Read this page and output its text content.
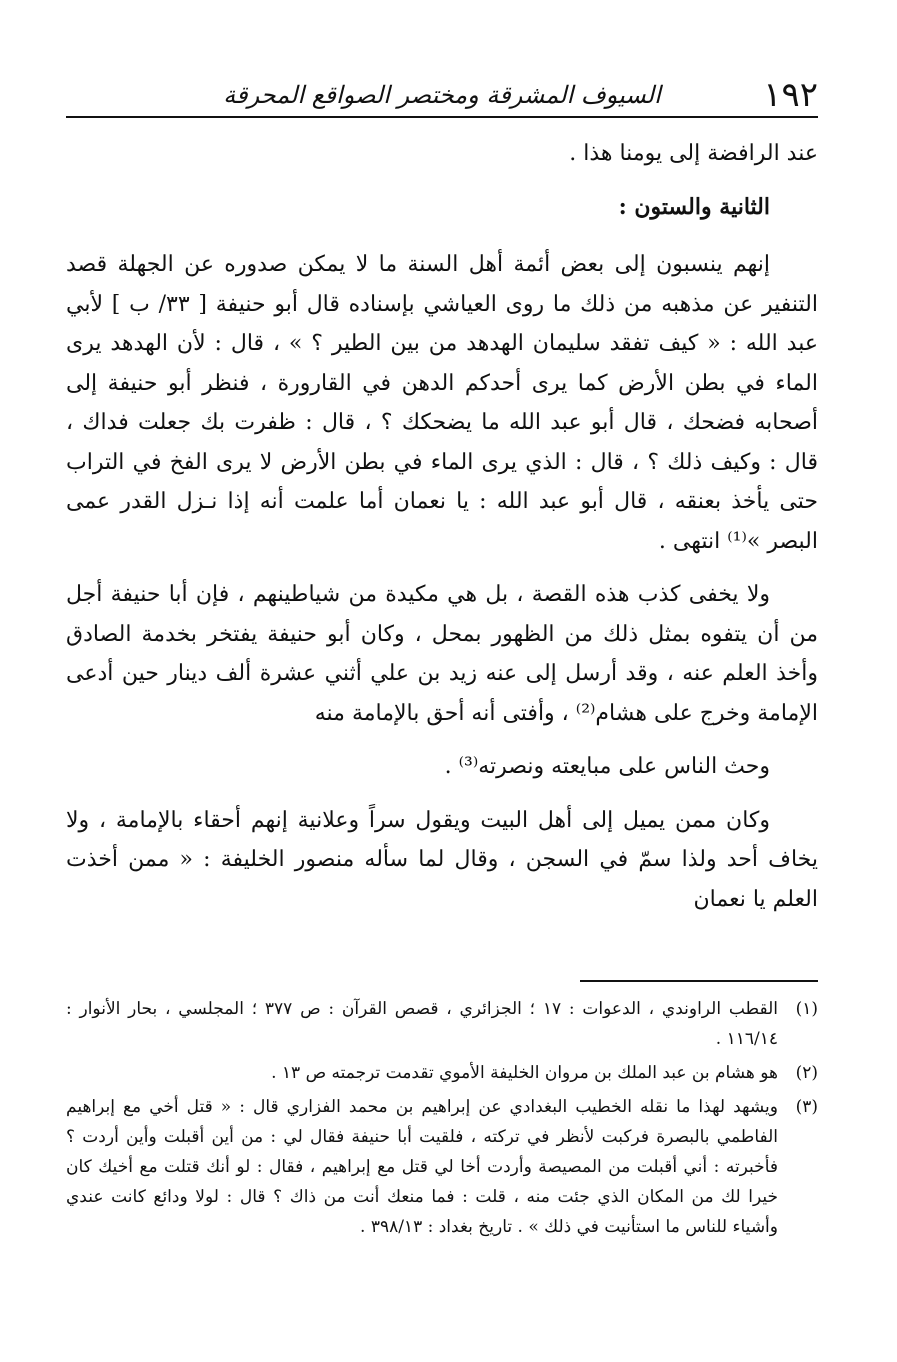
١٩٢
السيوف المشرقة ومختصر الصواقع المحرقة

عند الرافضة إلى يومنا هذا .

الثانية والستون :

إنهم ينسبون إلى بعض أئمة أهل السنة ما لا يمكن صدوره عن الجهلة قصد التنفير عن مذهبه من ذلك ما روى العياشي بإسناده قال أبو حنيفة [ ٣٣/ ب ] لأبي عبد الله : « كيف تفقد سليمان الهدهد من بين الطير ؟ » ، قال : لأن الهدهد يرى الماء في بطن الأرض كما يرى أحدكم الدهن في القارورة ، فنظر أبو حنيفة إلى أصحابه فضحك ، قال أبو عبد الله ما يضحكك ؟ ، قال : ظفرت بك جعلت فداك ، قال : وكيف ذلك ؟ ، قال : الذي يرى الماء في بطن الأرض لا يرى الفخ في التراب حتى يأخذ بعنقه ، قال أبو عبد الله : يا نعمان أما علمت أنه إذا نـزل القدر عمى البصر »⁽¹⁾ انتهى .

ولا يخفى كذب هذه القصة ، بل هي مكيدة من شياطينهم ، فإن أبا حنيفة أجل من أن يتفوه بمثل ذلك من الظهور بمحل ، وكان أبو حنيفة يفتخر بخدمة الصادق وأخذ العلم عنه ، وقد أرسل إلى عنه زيد بن علي أثني عشرة ألف دينار حين أدعى الإمامة وخرج على هشام⁽²⁾ ، وأفتى أنه أحق بالإمامة منه

وحث الناس على مبايعته ونصرته⁽³⁾ .

وكان ممن يميل إلى أهل البيت ويقول سراً وعلانية إنهم أحقاء بالإمامة ، ولا يخاف أحد ولذا سمّ في السجن ، وقال لما سأله منصور الخليفة : « ممن أخذت العلم يا نعمان

(١)
القطب الراوندي ، الدعوات : ١٧ ؛ الجزائري ، قصص القرآن : ص ٣٧٧ ؛ المجلسي ، بحار الأنوار : ١١٦/١٤ .
(٢)
هو هشام بن عبد الملك بن مروان الخليفة الأموي تقدمت ترجمته ص ١٣ .
(٣)
ويشهد لهذا ما نقله الخطيب البغدادي عن إبراهيم بن محمد الفزاري قال : « قتل أخي مع إبراهيم الفاطمي بالبصرة فركبت لأنظر في تركته ، فلقيت أبا حنيفة فقال لي : من أين أقبلت وأين أردت ؟ فأخبرته : أني أقبلت من المصيصة وأردت أخا لي قتل مع إبراهيم ، فقال : لو أنك قتلت مع أخيك كان خيرا لك من المكان الذي جئت منه ، قلت : فما منعك أنت من ذاك ؟ قال : لولا ودائع كانت عندي وأشياء للناس ما استأنيت في ذلك » . تاريخ بغداد : ٣٩٨/١٣ .
